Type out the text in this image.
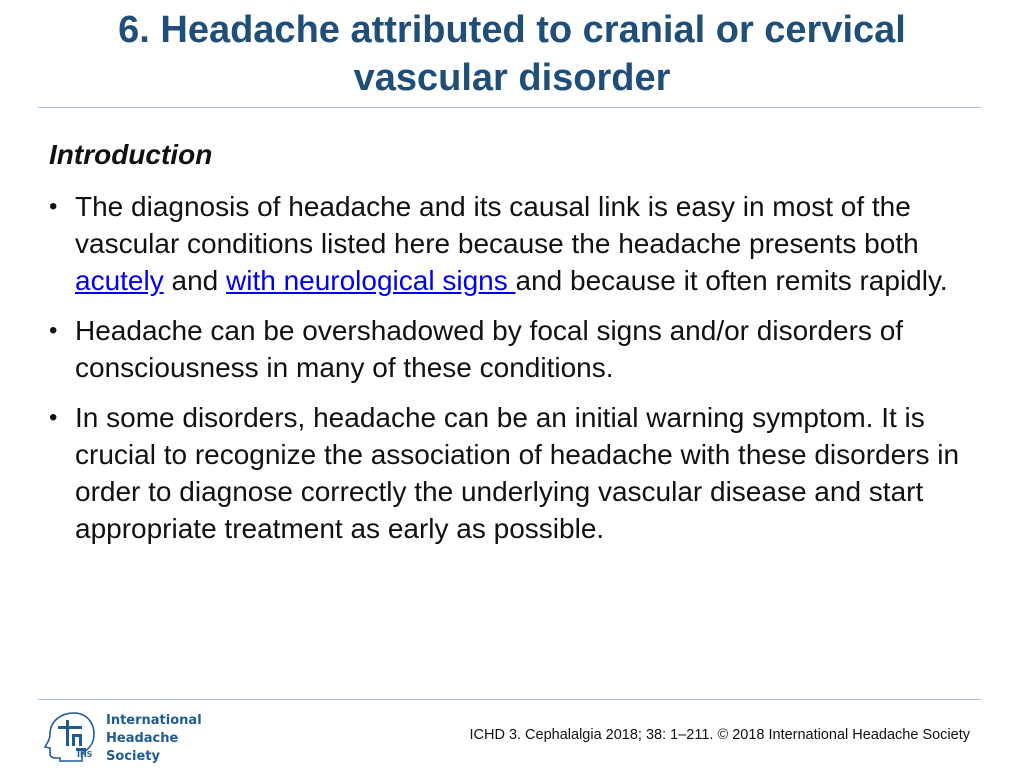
6. Headache attributed to cranial or cervical
vascular disorder

Introduction

• The diagnosis of headache and its causal link is easy in most of the vascular conditions listed here because the headache presents both acutely and with neurological signs and because it often remits rapidly.
• Headache can be overshadowed by focal signs and/or disorders of consciousness in many of these conditions.
• In some disorders, headache can be an initial warning symptom. It is crucial to recognize the association of headache with these disorders in order to diagnose correctly the underlying vascular disease and start appropriate treatment as early as possible.
IHS
International
Headache Society
ICHD 3. Cephalalgia 2018; 38: 1–211. © 2018 International Headache Society
